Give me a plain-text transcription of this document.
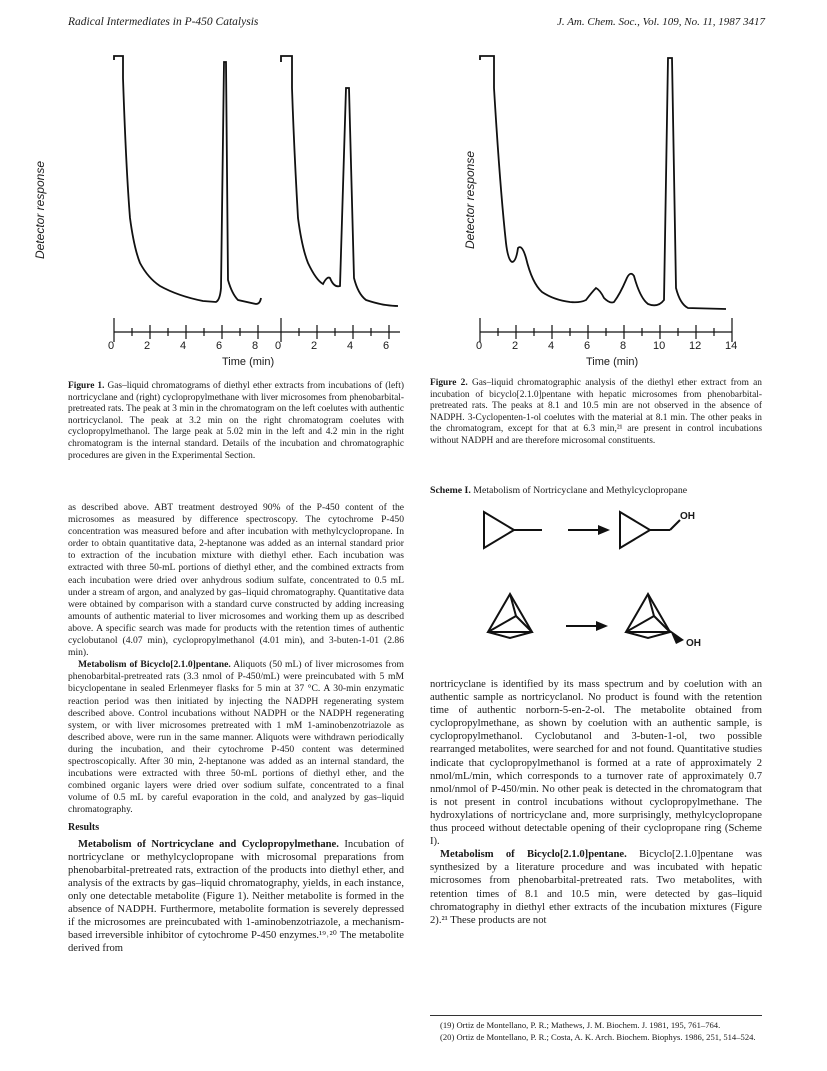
Radical Intermediates in P-450 Catalysis	J. Am. Chem. Soc., Vol. 109, No. 11, 1987 3417
0	2	4	6	8 0	2	4	6
Time (min)
Detector response
Figure 1. Gas–liquid chromatograms of diethyl ether extracts from incubations of (left) nortricyclane and (right) cyclopropylmethane with liver microsomes from phenobarbital-pretreated rats. The peak at 3 min in the chromatogram on the left coelutes with authentic nortricyclanol. The peak at 3.2 min on the right chromatogram coelutes with cyclopropylmethanol. The large peak at 5.02 min in the left and 4.2 min in the right chromatogram is the internal standard. Details of the incubation and chromatographic procedures are given in the Experimental Section.
0	2	4	6	8 10 12 14
Time (min)
Detector response
Figure 2. Gas–liquid chromatographic analysis of the diethyl ether extract from an incubation of bicyclo[2.1.0]pentane with hepatic microsomes from phenobarbital-pretreated rats. The peaks at 8.1 and 10.5 min are not observed in the absence of NADPH. 3-Cyclopenten-1-ol coelutes with the material at 8.1 min. The other peaks in the chromatogram, except for that at 6.3 min,²¹ are present in control incubations without NADPH and are therefore microsomal constituents.
Scheme I. Metabolism of Nortricyclane and Methylcyclopropane
OH
OH

as described above. ABT treatment destroyed 90% of the P-450 content of the microsomes as measured by difference spectroscopy. The cytochrome P-450 concentration was measured before and after incubation with methylcyclopropane. In order to obtain quantitative data, 2-heptanone was added as an internal standard prior to extraction of the incubation mixture with diethyl ether. Each incubation was extracted with three 50-mL portions of diethyl ether, and the combined extracts from each incubation were dried over anhydrous sodium sulfate, concentrated to 0.5 mL under a stream of argon, and analyzed by gas–liquid chromatography. Quantitative data were obtained by comparison with a standard curve constructed by adding increasing amounts of authentic material to liver microsomes and working them up as described above. A specific search was made for products with the retention times of authentic cyclobutanol (4.07 min), cyclopropylmethanol (4.01 min), and 3-buten-1-01 (2.86 min).

Metabolism of Bicyclo[2.1.0]pentane. Aliquots (50 mL) of liver microsomes from phenobarbital-pretreated rats (3.3 nmol of P-450/mL) were preincubated with 5 mM bicyclopentane in sealed Erlenmeyer flasks for 5 min at 37 °C. A 30-min enzymatic reaction period was then initiated by injecting the NADPH regenerating system described above. Control incubations without NADPH or the NADPH regenerating system, or with liver microsomes pretreated with 1 mM 1-aminobenzotriazole as described above, were run in the same manner. Aliquots were withdrawn periodically during the incubation, and their cytochrome P-450 content was determined spectroscopically. After 30 min, 2-heptanone was added as an internal standard, the incubations were extracted with three 50-mL portions of diethyl ether, and the combined organic layers were dried over sodium sulfate, concentrated to a final volume of 0.5 mL by careful evaporation in the cold, and analyzed by gas–liquid chromatography.

Results

Metabolism of Nortricyclane and Cyclopropylmethane. Incubation of nortricyclane or methylcyclopropane with microsomal preparations from phenobarbital-pretreated rats, extraction of the products into diethyl ether, and analysis of the extracts by gas–liquid chromatography, yields, in each instance, only one detectable metabolite (Figure 1). Neither metabolite is formed in the absence of NADPH. Furthermore, metabolite formation is severely depressed if the microsomes are preincubated with 1-aminobenzotriazole, a mechanism-based irreversible inhibitor of cytochrome P-450 enzymes.¹⁹˒²⁰ The metabolite derived from

nortricyclane is identified by its mass spectrum and by coelution with an authentic sample as nortricyclanol. No product is found with the retention time of authentic norborn-5-en-2-ol. The metabolite obtained from cyclopropylmethane, as shown by coelution with an authentic sample, is cyclopropylmethanol. Cyclobutanol and 3-buten-1-ol, two possible rearranged metabolites, were searched for and not found. Quantitative studies indicate that cyclopropylmethanol is formed at a rate of approximately 2 nmol/mL/min, which corresponds to a turnover rate of approximately 0.7 nmol/nmol of P-450/min. No other peak is detected in the chromatogram that is not present in control incubations without cyclopropylmethane. The hydroxylations of nortricyclane and, more surprisingly, methylcyclopropane thus proceed without detectable opening of their cyclopropane ring (Scheme I).

Metabolism of Bicyclo[2.1.0]pentane. Bicyclo[2.1.0]pentane was synthesized by a literature procedure and was incubated with hepatic microsomes from phenobarbital-pretreated rats. Two metabolites, with retention times of 8.1 and 10.5 min, were detected by gas–liquid chromatography in diethyl ether extracts of the incubation mixtures (Figure 2).²¹ These products are not

(19) Ortiz de Montellano, P. R.; Mathews, J. M. Biochem. J. 1981, 195, 761–764.

(20) Ortiz de Montellano, P. R.; Costa, A. K. Arch. Biochem. Biophys. 1986, 251, 514–524.
